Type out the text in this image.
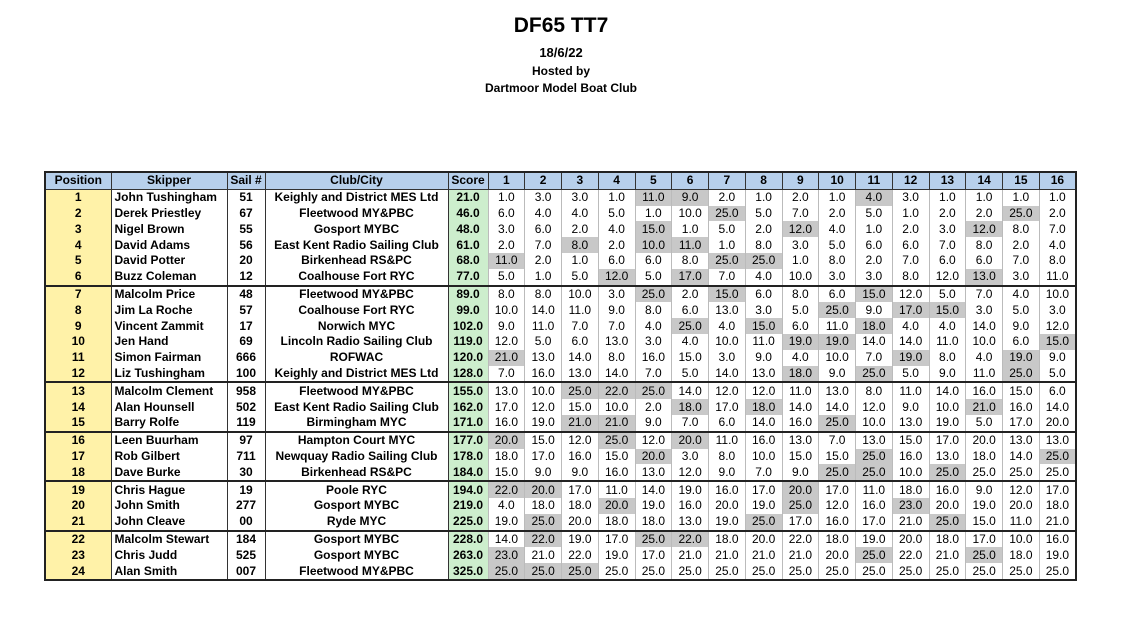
DF65 TT7
18/6/22
Hosted by
Dartmoor Model Boat Club
Position	Skipper	Sail #	Club/City	Score	1	2	3	4	5	6	7	8	9	10	11	12	13	14	15	16
1	John Tushingham	51	Keighly and District MES Ltd	21.0	1.0	3.0	3.0	1.0	11.0	9.0	2.0	1.0	2.0	1.0	4.0	3.0	1.0	1.0	1.0	1.0
2	Derek Priestley	67	Fleetwood MY&PBC	46.0	6.0	4.0	4.0	5.0	1.0	10.0	25.0	5.0	7.0	2.0	5.0	1.0	2.0	2.0	25.0	2.0
3	Nigel Brown	55	Gosport MYBC	48.0	3.0	6.0	2.0	4.0	15.0	1.0	5.0	2.0	12.0	4.0	1.0	2.0	3.0	12.0	8.0	7.0
4	David Adams	56	East Kent Radio Sailing Club	61.0	2.0	7.0	8.0	2.0	10.0	11.0	1.0	8.0	3.0	5.0	6.0	6.0	7.0	8.0	2.0	4.0
5	David Potter	20	Birkenhead RS&PC	68.0	11.0	2.0	1.0	6.0	6.0	8.0	25.0	25.0	1.0	8.0	2.0	7.0	6.0	6.0	7.0	8.0
6	Buzz Coleman	12	Coalhouse Fort RYC	77.0	5.0	1.0	5.0	12.0	5.0	17.0	7.0	4.0	10.0	3.0	3.0	8.0	12.0	13.0	3.0	11.0
7	Malcolm Price	48	Fleetwood MY&PBC	89.0	8.0	8.0	10.0	3.0	25.0	2.0	15.0	6.0	8.0	6.0	15.0	12.0	5.0	7.0	4.0	10.0
8	Jim La Roche	57	Coalhouse Fort RYC	99.0	10.0	14.0	11.0	9.0	8.0	6.0	13.0	3.0	5.0	25.0	9.0	17.0	15.0	3.0	5.0	3.0
9	Vincent Zammit	17	Norwich MYC	102.0	9.0	11.0	7.0	7.0	4.0	25.0	4.0	15.0	6.0	11.0	18.0	4.0	4.0	14.0	9.0	12.0
10	Jen Hand	69	Lincoln Radio Sailing Club	119.0	12.0	5.0	6.0	13.0	3.0	4.0	10.0	11.0	19.0	19.0	14.0	14.0	11.0	10.0	6.0	15.0
11	Simon Fairman	666	ROFWAC	120.0	21.0	13.0	14.0	8.0	16.0	15.0	3.0	9.0	4.0	10.0	7.0	19.0	8.0	4.0	19.0	9.0
12	Liz Tushingham	100	Keighly and District MES Ltd	128.0	7.0	16.0	13.0	14.0	7.0	5.0	14.0	13.0	18.0	9.0	25.0	5.0	9.0	11.0	25.0	5.0
13	Malcolm Clement	958	Fleetwood MY&PBC	155.0	13.0	10.0	25.0	22.0	25.0	14.0	12.0	12.0	11.0	13.0	8.0	11.0	14.0	16.0	15.0	6.0
14	Alan Hounsell	502	East Kent Radio Sailing Club	162.0	17.0	12.0	15.0	10.0	2.0	18.0	17.0	18.0	14.0	14.0	12.0	9.0	10.0	21.0	16.0	14.0
15	Barry Rolfe	119	Birmingham MYC	171.0	16.0	19.0	21.0	21.0	9.0	7.0	6.0	14.0	16.0	25.0	10.0	13.0	19.0	5.0	17.0	20.0
16	Leen Buurham	97	Hampton Court MYC	177.0	20.0	15.0	12.0	25.0	12.0	20.0	11.0	16.0	13.0	7.0	13.0	15.0	17.0	20.0	13.0	13.0
17	Rob Gilbert	711	Newquay Radio Sailing Club	178.0	18.0	17.0	16.0	15.0	20.0	3.0	8.0	10.0	15.0	15.0	25.0	16.0	13.0	18.0	14.0	25.0
18	Dave Burke	30	Birkenhead RS&PC	184.0	15.0	9.0	9.0	16.0	13.0	12.0	9.0	7.0	9.0	25.0	25.0	10.0	25.0	25.0	25.0	25.0
19	Chris Hague	19	Poole RYC	194.0	22.0	20.0	17.0	11.0	14.0	19.0	16.0	17.0	20.0	17.0	11.0	18.0	16.0	9.0	12.0	17.0
20	John Smith	277	Gosport MYBC	219.0	4.0	18.0	18.0	20.0	19.0	16.0	20.0	19.0	25.0	12.0	16.0	23.0	20.0	19.0	20.0	18.0
21	John Cleave	00	Ryde MYC	225.0	19.0	25.0	20.0	18.0	18.0	13.0	19.0	25.0	17.0	16.0	17.0	21.0	25.0	15.0	11.0	21.0
22	Malcolm Stewart	184	Gosport MYBC	228.0	14.0	22.0	19.0	17.0	25.0	22.0	18.0	20.0	22.0	18.0	19.0	20.0	18.0	17.0	10.0	16.0
23	Chris Judd	525	Gosport MYBC	263.0	23.0	21.0	22.0	19.0	17.0	21.0	21.0	21.0	21.0	20.0	25.0	22.0	21.0	25.0	18.0	19.0
24	Alan Smith	007	Fleetwood MY&PBC	325.0	25.0	25.0	25.0	25.0	25.0	25.0	25.0	25.0	25.0	25.0	25.0	25.0	25.0	25.0	25.0	25.0
